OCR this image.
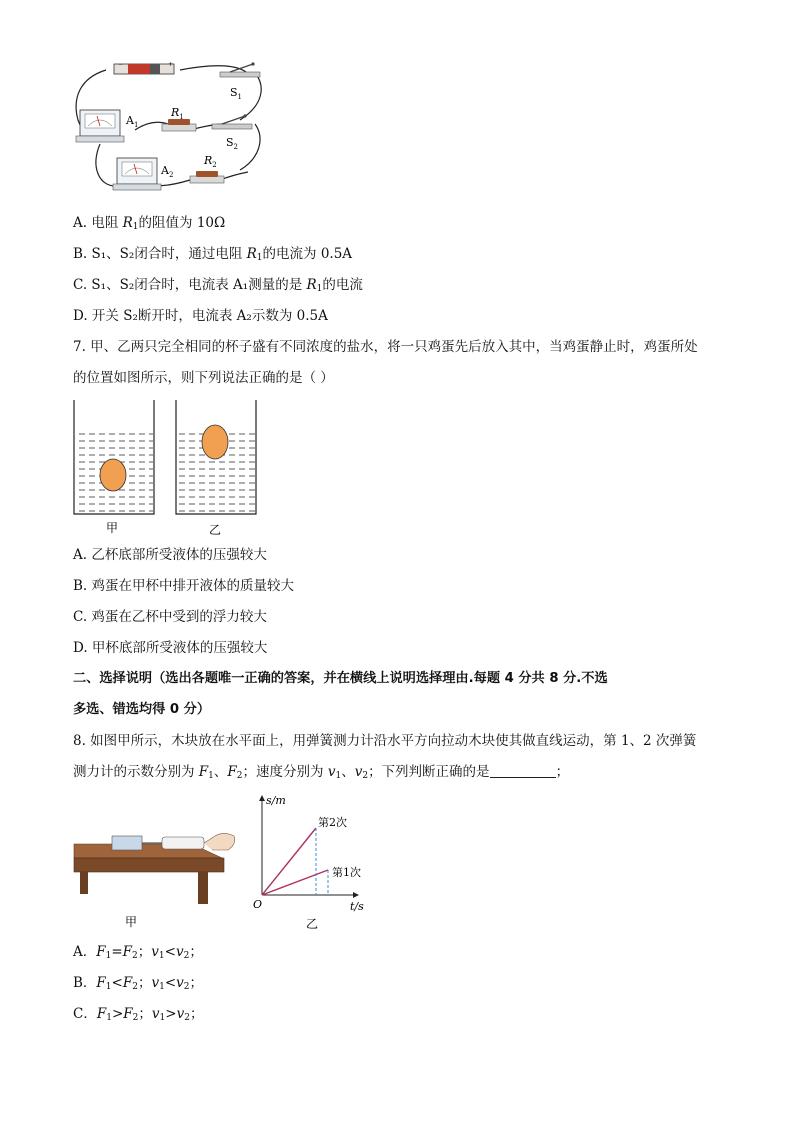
−	+
$S_1$
$S_2$
$A_1$
$A_2$
$R_1$
$R_2$
A. 电阻 $R_1$的阻值为 10Ω
B. S₁、S₂闭合时，通过电阻 $R_1$的电流为 0.5A
C. S₁、S₂闭合时，电流表 A₁测量的是 $R_1$的电流
D. 开关 S₂断开时，电流表 A₂示数为 0.5A
7. 甲、乙两只完全相同的杯子盛有不同浓度的盐水，将一只鸡蛋先后放入其中，当鸡蛋静止时，鸡蛋所处
的位置如图所示，则下列说法正确的是（ ）
甲	乙
A. 乙杯底部所受液体的压强较大
B. 鸡蛋在甲杯中排开液体的质量较大
C. 鸡蛋在乙杯中受到的浮力较大
D. 甲杯底部所受液体的压强较大
二、选择说明（选出各题唯一正确的答案，并在横线上说明选择理由.每题 4 分共 8 分.不选
多选、错选均得 0 分）
8. 如图甲所示，木块放在水平面上，用弹簧测力计沿水平方向拉动木块使其做直线运动，第 1、2 次弹簧
测力计的示数分别为 $F_1$、$F_2$；速度分别为 $v_1$、$v_2$；下列判断正确的是	；
甲
s/m
t/s
O
第2次
第1次
乙
A．$F_1=F_2$；$v_1<v_2$；
B．$F_1<F_2$；$v_1<v_2$；
C．$F_1>F_2$；$v_1>v_2$；
